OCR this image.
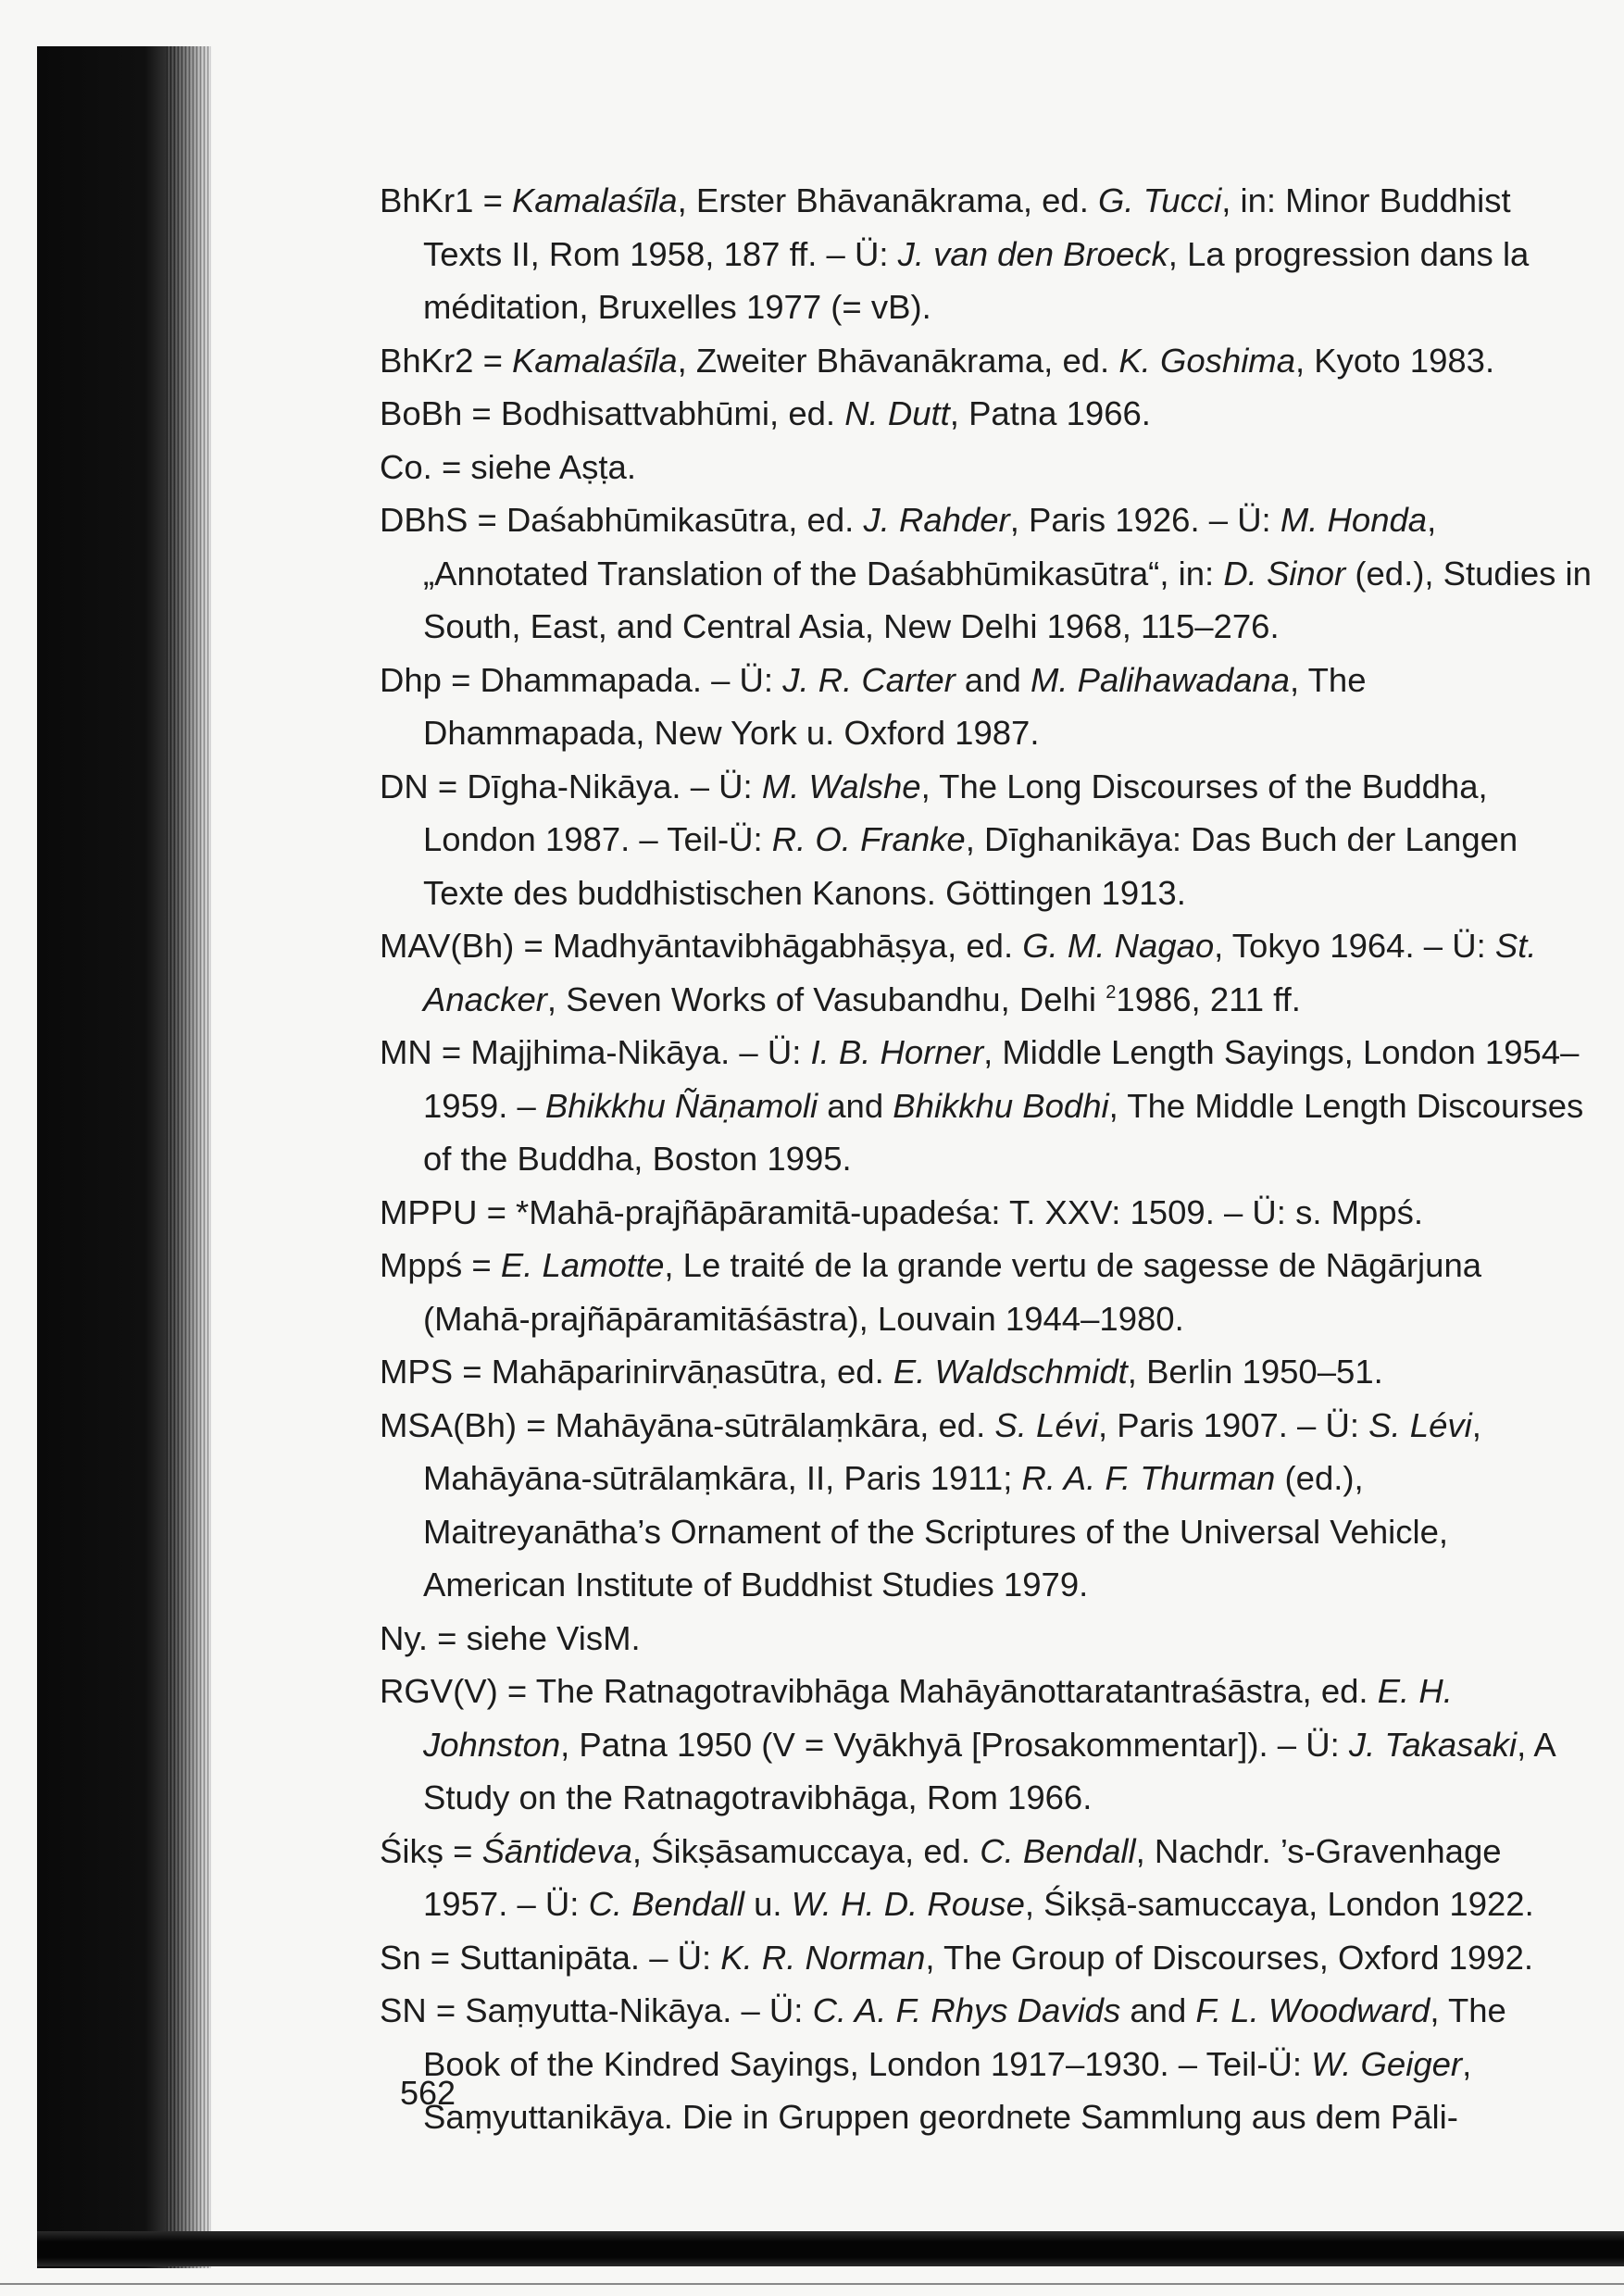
BhKr1 = Kamalaśīla, Erster Bhāvanākrama, ed. G. Tucci, in: Minor Buddhist Texts II, Rom 1958, 187 ff. – Ü: J. van den Broeck, La progression dans la méditation, Bruxelles 1977 (= vB).
BhKr2 = Kamalaśīla, Zweiter Bhāvanākrama, ed. K. Goshima, Kyoto 1983.
BoBh = Bodhisattvabhūmi, ed. N. Dutt, Patna 1966.
Co. = siehe Aṣṭa.
DBhS = Daśabhūmikasūtra, ed. J. Rahder, Paris 1926. – Ü: M. Honda, „Annotated Translation of the Daśabhūmikasūtra“, in: D. Sinor (ed.), Studies in South, East, and Central Asia, New Delhi 1968, 115–276.
Dhp = Dhammapada. – Ü: J. R. Carter and M. Palihawadana, The Dhammapada, New York u. Oxford 1987.
DN = Dīgha-Nikāya. – Ü: M. Walshe, The Long Discourses of the Buddha, London 1987. – Teil-Ü: R. O. Franke, Dīghanikāya: Das Buch der Langen Texte des buddhistischen Kanons. Göttingen 1913.
MAV(Bh) = Madhyāntavibhāgabhāṣya, ed. G. M. Nagao, Tokyo 1964. – Ü: St. Anacker, Seven Works of Vasubandhu, Delhi $^2$1986, 211 ff.
MN = Majjhima-Nikāya. – Ü: I. B. Horner, Middle Length Sayings, London 1954–1959. – Bhikkhu Ñāṇamoli and Bhikkhu Bodhi, The Middle Length Discourses of the Buddha, Boston 1995.
MPPU = *Mahā-prajñāpāramitā-upadeśa: T. XXV: 1509. – Ü: s. Mppś.
Mppś = E. Lamotte, Le traité de la grande vertu de sagesse de Nāgārjuna (Mahā-prajñāpāramitāśāstra), Louvain 1944–1980.
MPS = Mahāparinirvāṇasūtra, ed. E. Waldschmidt, Berlin 1950–51.
MSA(Bh) = Mahāyāna-sūtrālaṃkāra, ed. S. Lévi, Paris 1907. – Ü: S. Lévi, Mahāyāna-sūtrālaṃkāra, II, Paris 1911; R. A. F. Thurman (ed.), Maitreyanātha’s Ornament of the Scriptures of the Universal Vehicle, American Institute of Buddhist Studies 1979.
Ny. = siehe VisM.
RGV(V) = The Ratnagotravibhāga Mahāyānottaratantraśāstra, ed. E. H. Johnston, Patna 1950 (V = Vyākhyā [Prosakommentar]). – Ü: J. Takasaki, A Study on the Ratnagotravibhāga, Rom 1966.
Śikṣ = Śāntideva, Śikṣāsamuccaya, ed. C. Bendall, Nachdr. ’s-Gravenhage 1957. – Ü: C. Bendall u. W. H. D. Rouse, Śikṣā-samuccaya, London 1922.
Sn = Suttanipāta. – Ü: K. R. Norman, The Group of Discourses, Oxford 1992.
SN = Saṃyutta-Nikāya. – Ü: C. A. F. Rhys Davids and F. L. Woodward, The Book of the Kindred Sayings, London 1917–1930. – Teil-Ü: W. Geiger, Saṃyuttanikāya. Die in Gruppen geordnete Sammlung aus dem Pāli-
562
